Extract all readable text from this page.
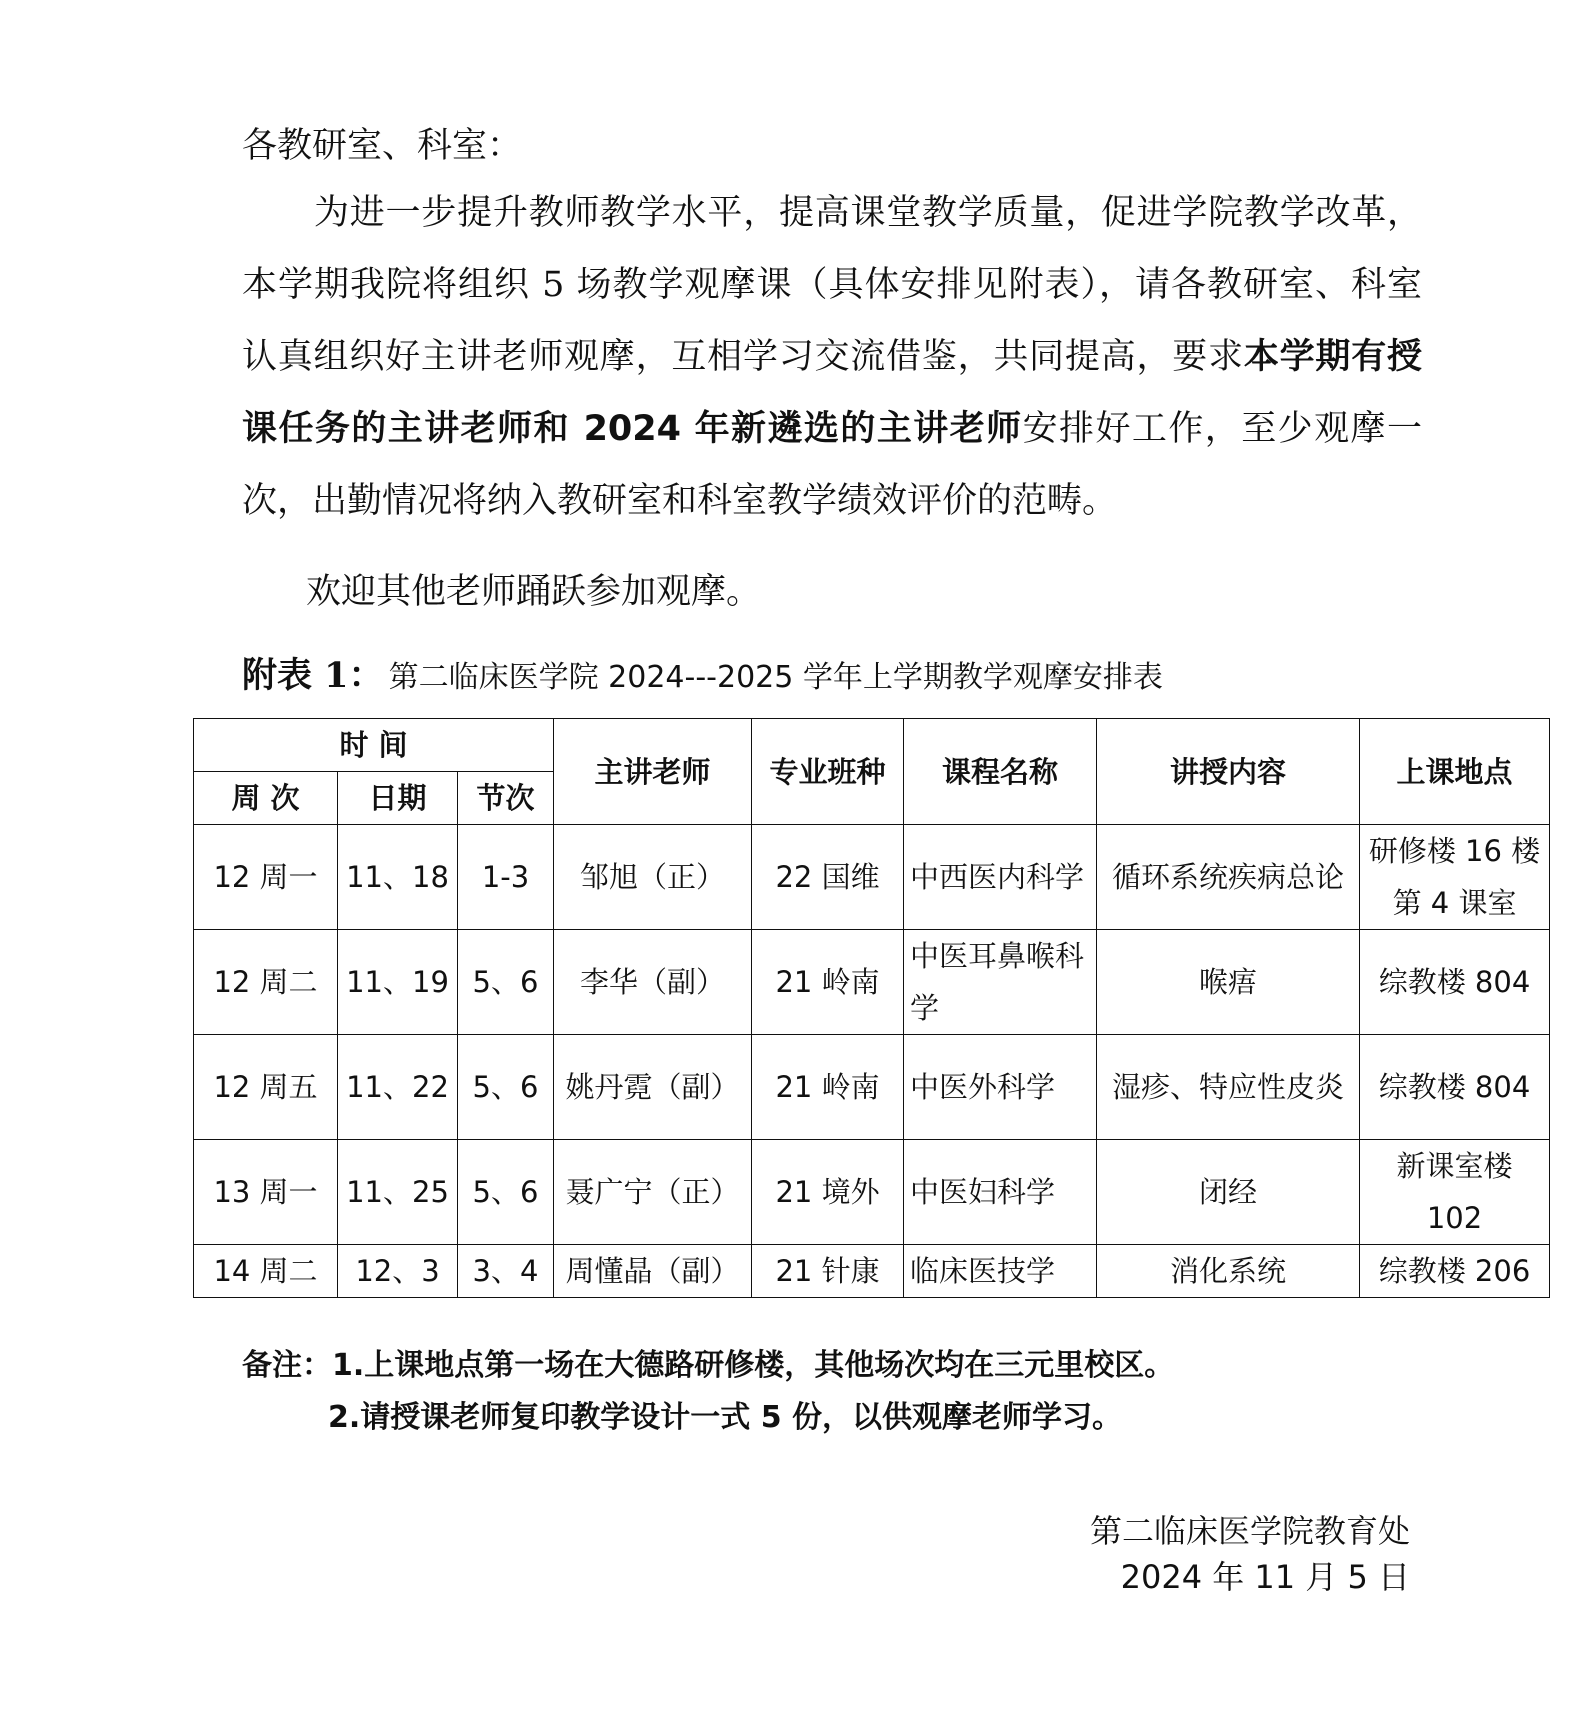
各教研室、科室：

为进一步提升教师教学水平，提高课堂教学质量，促进学院教学改革，本学期我院将组织 5 场教学观摩课（具体安排见附表），请各教研室、科室认真组织好主讲老师观摩，互相学习交流借鉴，共同提高，要求本学期有授课任务的主讲老师和 2024 年新遴选的主讲老师安排好工作，至少观摩一次，出勤情况将纳入教研室和科室教学绩效评价的范畴。

欢迎其他老师踊跃参加观摩。
附表 1： 第二临床医学院 2024---2025 学年上学期教学观摩安排表
时 间			主讲老师	专业班种	课程名称	讲授内容	上课地点
周 次	日期	节次					
12 周一	11、18	1-3	邹旭（正）	22 国维	中西医内科学	循环系统疾病总论	研修楼 16 楼第 4 课室
12 周二	11、19	5、6	李华（副）	21 岭南	中医耳鼻喉科学	喉痦	综教楼 804
12 周五	11、22	5、6	姚丹霓（副）	21 岭南	中医外科学	湿疹、特应性皮炎	综教楼 804
13 周一	11、25	5、6	聂广宁（正）	21 境外	中医妇科学	闭经	新课室楼 102
14 周二	12、3	3、4	周懂晶（副）	21 针康	临床医技学	消化系统	综教楼 206
备注：1.上课地点第一场在大德路研修楼，其他场次均在三元里校区。
2.请授课老师复印教学设计一式 5 份，以供观摩老师学习。
第二临床医学院教育处
2024 年 11 月 5 日
